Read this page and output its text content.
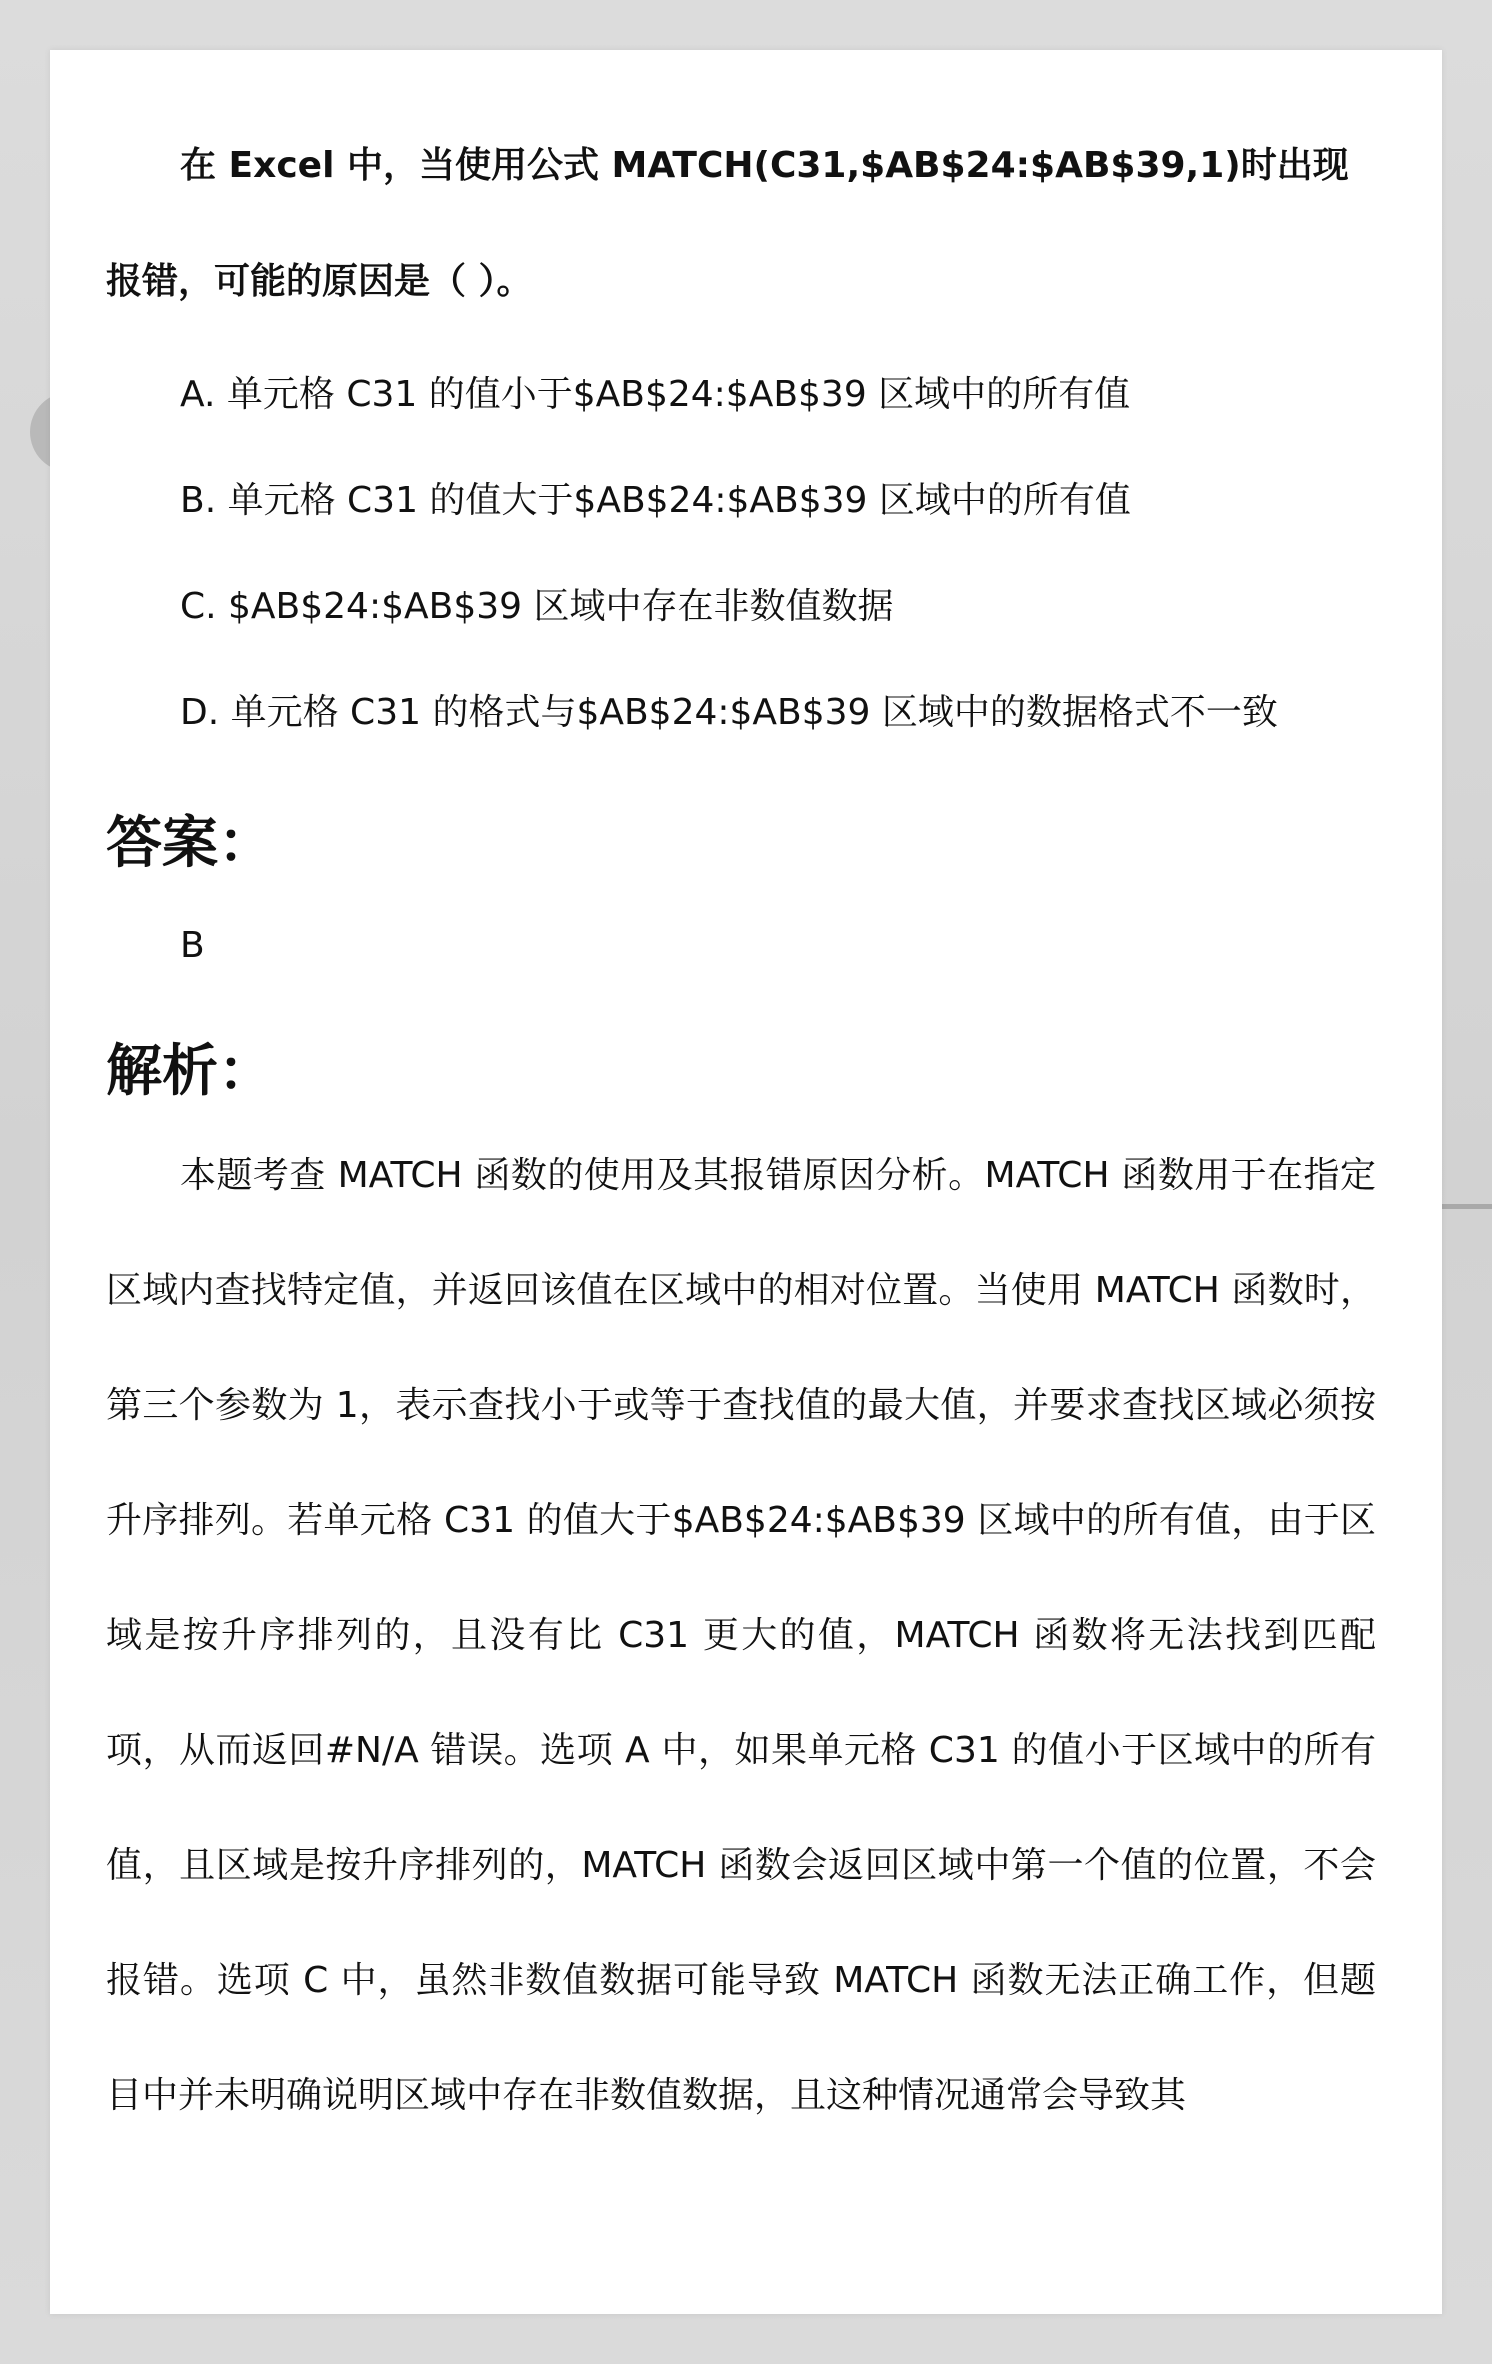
在 Excel 中，当使用公式 MATCH(C31,$AB$24:$AB$39,1)时出现报错，可能的原因是（ ）。

A. 单元格 C31 的值小于$AB$24:$AB$39 区域中的所有值
B. 单元格 C31 的值大于$AB$24:$AB$39 区域中的所有值
C. $AB$24:$AB$39 区域中存在非数值数据
D. 单元格 C31 的格式与$AB$24:$AB$39 区域中的数据格式不一致
答案：

B

解析：

本题考查 MATCH 函数的使用及其报错原因分析。MATCH 函数用于在指定区域内查找特定值，并返回该值在区域中的相对位置。当使用 MATCH 函数时，第三个参数为 1，表示查找小于或等于查找值的最大值，并要求查找区域必须按升序排列。若单元格 C31 的值大于$AB$24:$AB$39 区域中的所有值，由于区域是按升序排列的，且没有比 C31 更大的值，MATCH 函数将无法找到匹配项，从而返回#N/A 错误。选项 A 中，如果单元格 C31 的值小于区域中的所有值，且区域是按升序排列的，MATCH 函数会返回区域中第一个值的位置，不会报错。选项 C 中，虽然非数值数据可能导致 MATCH 函数无法正确工作，但题目中并未明确说明区域中存在非数值数据，且这种情况通常会导致其
